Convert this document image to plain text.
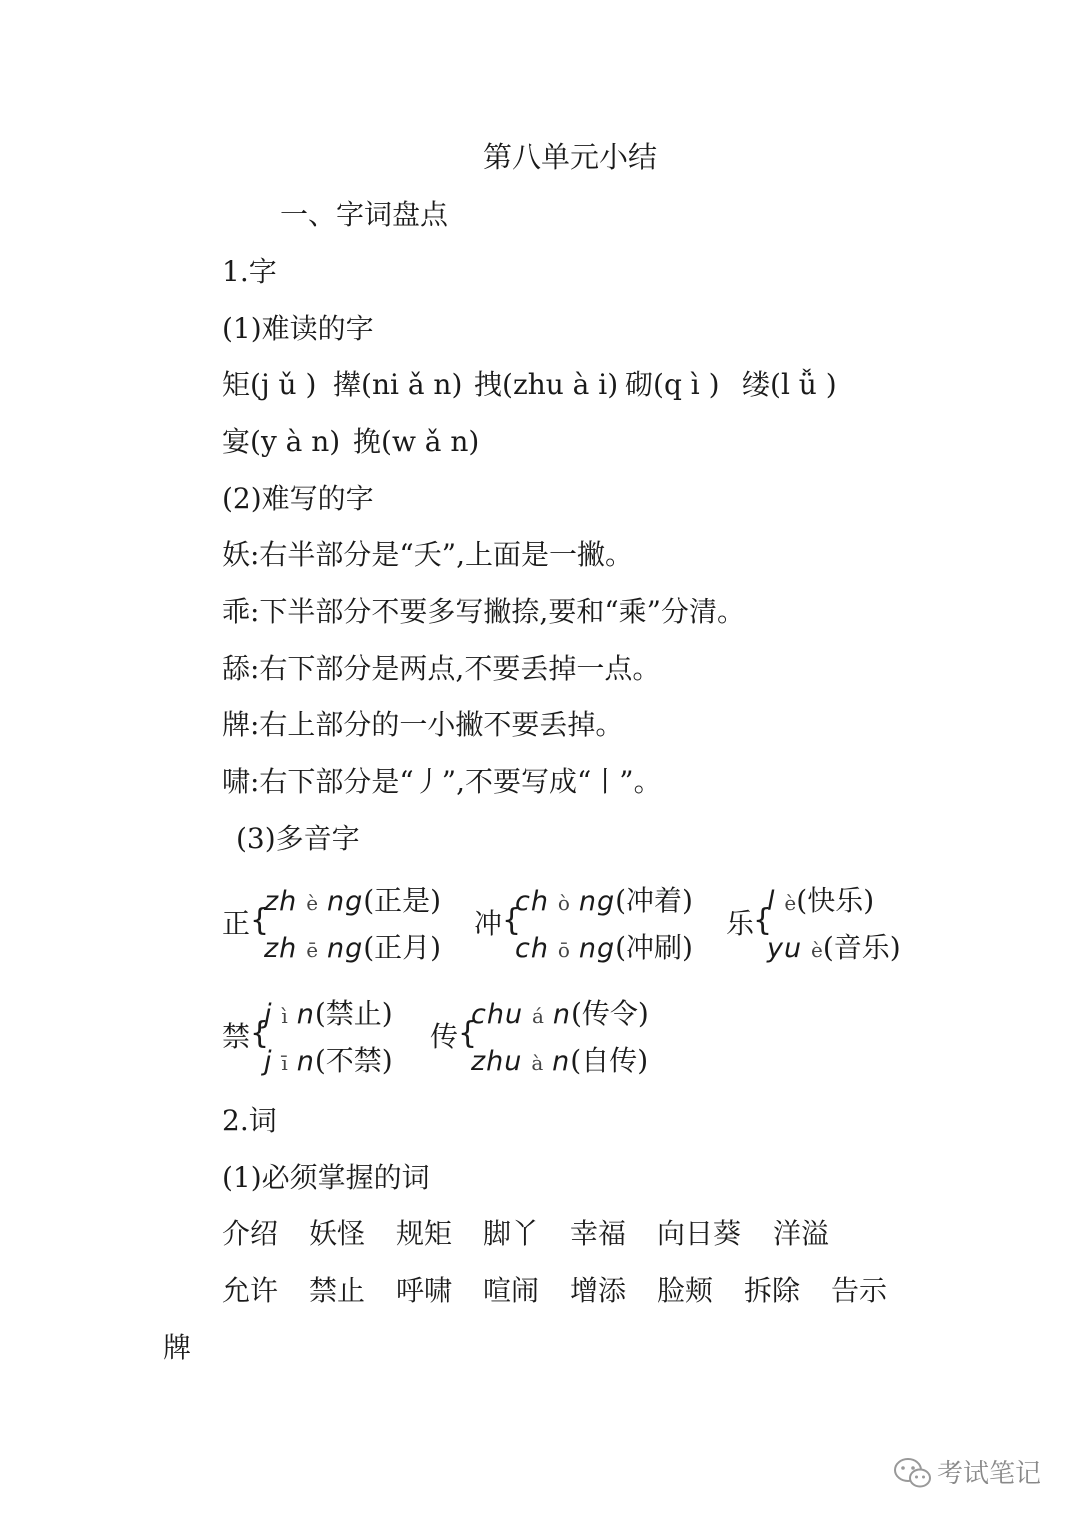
第八单元小结
一、字词盘点
1.字
(1)难读的字
矩(j ǔ ) 撵(ni ǎ n) 拽(zhu à i) 砌(q ì ) 缕(l ǚ )
宴(y à n) 挽(w ǎ n)
(2)难写的字
妖:右半部分是“夭”,上面是一撇。
乖:下半部分不要多写撇捺,要和“乘”分清。
舔:右下部分是两点,不要丢掉一点。
牌:右上部分的一小撇不要丢掉。
啸:右下部分是“丿”,不要写成“丨”。
(3)多音字
正 {
zh è ng(正是)
zh ē ng(正月)
冲 {
ch ò ng(冲着)
ch ō ng(冲刷)
乐
{
l è(快乐)
yu è(音乐)
禁 {
j ì n(禁止)
j ī n(不禁)
传 {
chu á n(传令)
zhu à n(自传)
2.词
(1)必须掌握的词
介绍 妖怪 规矩 脚丫 幸福 向日葵 洋溢
允许 禁止 呼啸 喧闹 增添 脸颊 拆除 告示
牌
考试笔记
